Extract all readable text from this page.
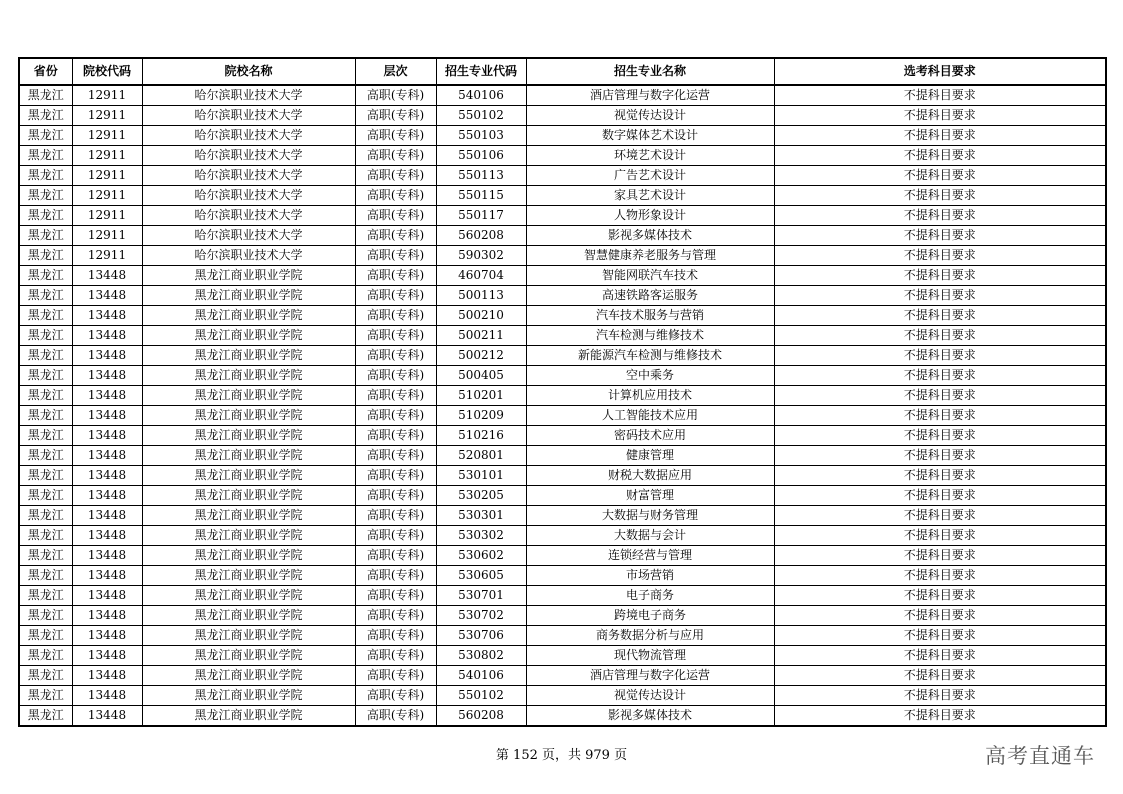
省份	院校代码	院校名称	层次	招生专业代码	招生专业名称	选考科目要求
黑龙江	12911	哈尔滨职业技术大学	高职(专科)	540106	酒店管理与数字化运营	不提科目要求
黑龙江	12911	哈尔滨职业技术大学	高职(专科)	550102	视觉传达设计	不提科目要求
黑龙江	12911	哈尔滨职业技术大学	高职(专科)	550103	数字媒体艺术设计	不提科目要求
黑龙江	12911	哈尔滨职业技术大学	高职(专科)	550106	环境艺术设计	不提科目要求
黑龙江	12911	哈尔滨职业技术大学	高职(专科)	550113	广告艺术设计	不提科目要求
黑龙江	12911	哈尔滨职业技术大学	高职(专科)	550115	家具艺术设计	不提科目要求
黑龙江	12911	哈尔滨职业技术大学	高职(专科)	550117	人物形象设计	不提科目要求
黑龙江	12911	哈尔滨职业技术大学	高职(专科)	560208	影视多媒体技术	不提科目要求
黑龙江	12911	哈尔滨职业技术大学	高职(专科)	590302	智慧健康养老服务与管理	不提科目要求
黑龙江	13448	黑龙江商业职业学院	高职(专科)	460704	智能网联汽车技术	不提科目要求
黑龙江	13448	黑龙江商业职业学院	高职(专科)	500113	高速铁路客运服务	不提科目要求
黑龙江	13448	黑龙江商业职业学院	高职(专科)	500210	汽车技术服务与营销	不提科目要求
黑龙江	13448	黑龙江商业职业学院	高职(专科)	500211	汽车检测与维修技术	不提科目要求
黑龙江	13448	黑龙江商业职业学院	高职(专科)	500212	新能源汽车检测与维修技术	不提科目要求
黑龙江	13448	黑龙江商业职业学院	高职(专科)	500405	空中乘务	不提科目要求
黑龙江	13448	黑龙江商业职业学院	高职(专科)	510201	计算机应用技术	不提科目要求
黑龙江	13448	黑龙江商业职业学院	高职(专科)	510209	人工智能技术应用	不提科目要求
黑龙江	13448	黑龙江商业职业学院	高职(专科)	510216	密码技术应用	不提科目要求
黑龙江	13448	黑龙江商业职业学院	高职(专科)	520801	健康管理	不提科目要求
黑龙江	13448	黑龙江商业职业学院	高职(专科)	530101	财税大数据应用	不提科目要求
黑龙江	13448	黑龙江商业职业学院	高职(专科)	530205	财富管理	不提科目要求
黑龙江	13448	黑龙江商业职业学院	高职(专科)	530301	大数据与财务管理	不提科目要求
黑龙江	13448	黑龙江商业职业学院	高职(专科)	530302	大数据与会计	不提科目要求
黑龙江	13448	黑龙江商业职业学院	高职(专科)	530602	连锁经营与管理	不提科目要求
黑龙江	13448	黑龙江商业职业学院	高职(专科)	530605	市场营销	不提科目要求
黑龙江	13448	黑龙江商业职业学院	高职(专科)	530701	电子商务	不提科目要求
黑龙江	13448	黑龙江商业职业学院	高职(专科)	530702	跨境电子商务	不提科目要求
黑龙江	13448	黑龙江商业职业学院	高职(专科)	530706	商务数据分析与应用	不提科目要求
黑龙江	13448	黑龙江商业职业学院	高职(专科)	530802	现代物流管理	不提科目要求
黑龙江	13448	黑龙江商业职业学院	高职(专科)	540106	酒店管理与数字化运营	不提科目要求
黑龙江	13448	黑龙江商业职业学院	高职(专科)	550102	视觉传达设计	不提科目要求
黑龙江	13448	黑龙江商业职业学院	高职(专科)	560208	影视多媒体技术	不提科目要求
第 152 页，共 979 页	高考直通车
